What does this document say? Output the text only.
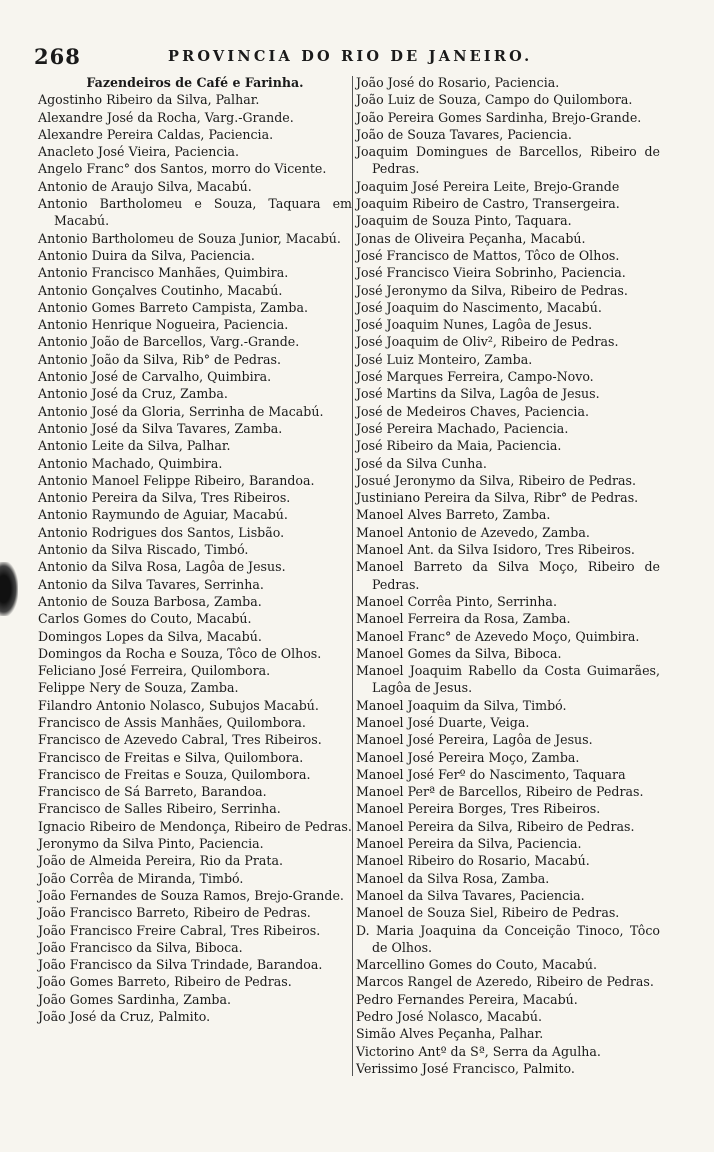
268	PROVINCIA DO RIO DE JANEIRO.
Fazendeiros de Café e Farinha.
Agostinho Ribeiro da Silva, Palhar.
Alexandre José da Rocha, Varg.-Grande.
Alexandre Pereira Caldas, Paciencia.
Anacleto José Vieira, Paciencia.
Angelo Franc° dos Santos, morro do Vicente.
Antonio de Araujo Silva, Macabú.
Antonio Bartholomeu e Souza, Taquara em Macabú.
Antonio Bartholomeu de Souza Junior, Macabú.
Antonio Duira da Silva, Paciencia.
Antonio Francisco Manhães, Quimbira.
Antonio Gonçalves Coutinho, Macabú.
Antonio Gomes Barreto Campista, Zamba.
Antonio Henrique Nogueira, Paciencia.
Antonio João de Barcellos, Varg.-Grande.
Antonio João da Silva, Rib° de Pedras.
Antonio José de Carvalho, Quimbira.
Antonio José da Cruz, Zamba.
Antonio José da Gloria, Serrinha de Macabú.
Antonio José da Silva Tavares, Zamba.
Antonio Leite da Silva, Palhar.
Antonio Machado, Quimbira.
Antonio Manoel Felippe Ribeiro, Barandoa.
Antonio Pereira da Silva, Tres Ribeiros.
Antonio Raymundo de Aguiar, Macabú.
Antonio Rodrigues dos Santos, Lisbão.
Antonio da Silva Riscado, Timbó.
Antonio da Silva Rosa, Lagôa de Jesus.
Antonio da Silva Tavares, Serrinha.
Antonio de Souza Barbosa, Zamba.
Carlos Gomes do Couto, Macabú.
Domingos Lopes da Silva, Macabú.
Domingos da Rocha e Souza, Tôco de Olhos.
Feliciano José Ferreira, Quilombora.
Felippe Nery de Souza, Zamba.
Filandro Antonio Nolasco, Subujos Macabú.
Francisco de Assis Manhães, Quilombora.
Francisco de Azevedo Cabral, Tres Ribeiros.
Francisco de Freitas e Silva, Quilombora.
Francisco de Freitas e Souza, Quilombora.
Francisco de Sá Barreto, Barandoa.
Francisco de Salles Ribeiro, Serrinha.
Ignacio Ribeiro de Mendonça, Ribeiro de Pedras.
Jeronymo da Silva Pinto, Paciencia.
João de Almeida Pereira, Rio da Prata.
João Corrêa de Miranda, Timbó.
João Fernandes de Souza Ramos, Brejo-Grande.
João Francisco Barreto, Ribeiro de Pedras.
João Francisco Freire Cabral, Tres Ribeiros.
João Francisco da Silva, Biboca.
João Francisco da Silva Trindade, Barandoa.
João Gomes Barreto, Ribeiro de Pedras.
João Gomes Sardinha, Zamba.
João José da Cruz, Palmito.
João José do Rosario, Paciencia.
João Luiz de Souza, Campo do Quilombora.
João Pereira Gomes Sardinha, Brejo-Grande.
João de Souza Tavares, Paciencia.
Joaquim Domingues de Barcellos, Ribeiro de Pedras.
Joaquim José Pereira Leite, Brejo-Grande
Joaquim Ribeiro de Castro, Transergeira.
Joaquim de Souza Pinto, Taquara.
Jonas de Oliveira Peçanha, Macabú.
José Francisco de Mattos, Tôco de Olhos.
José Francisco Vieira Sobrinho, Paciencia.
José Jeronymo da Silva, Ribeiro de Pedras.
José Joaquim do Nascimento, Macabú.
José Joaquim Nunes, Lagôa de Jesus.
José Joaquim de Oliv², Ribeiro de Pedras.
José Luiz Monteiro, Zamba.
José Marques Ferreira, Campo-Novo.
José Martins da Silva, Lagôa de Jesus.
José de Medeiros Chaves, Paciencia.
José Pereira Machado, Paciencia.
José Ribeiro da Maia, Paciencia.
José da Silva Cunha.
Josué Jeronymo da Silva, Ribeiro de Pedras.
Justiniano Pereira da Silva, Ribr° de Pedras.
Manoel Alves Barreto, Zamba.
Manoel Antonio de Azevedo, Zamba.
Manoel Ant. da Silva Isidoro, Tres Ribeiros.
Manoel Barreto da Silva Moço, Ribeiro de Pedras.
Manoel Corrêa Pinto, Serrinha.
Manoel Ferreira da Rosa, Zamba.
Manoel Franc° de Azevedo Moço, Quimbira.
Manoel Gomes da Silva, Biboca.
Manoel Joaquim Rabello da Costa Guimarães, Lagôa de Jesus.
Manoel Joaquim da Silva, Timbó.
Manoel José Duarte, Veiga.
Manoel José Pereira, Lagôa de Jesus.
Manoel José Pereira Moço, Zamba.
Manoel José Ferº do Nascimento, Taquara
Manoel Perª de Barcellos, Ribeiro de Pedras.
Manoel Pereira Borges, Tres Ribeiros.
Manoel Pereira da Silva, Ribeiro de Pedras.
Manoel Pereira da Silva, Paciencia.
Manoel Ribeiro do Rosario, Macabú.
Manoel da Silva Rosa, Zamba.
Manoel da Silva Tavares, Paciencia.
Manoel de Souza Siel, Ribeiro de Pedras.
D. Maria Joaquina da Conceição Tinoco, Tôco de Olhos.
Marcellino Gomes do Couto, Macabú.
Marcos Rangel de Azeredo, Ribeiro de Pedras.
Pedro Fernandes Pereira, Macabú.
Pedro José Nolasco, Macabú.
Simão Alves Peçanha, Palhar.
Victorino Antº da Sª, Serra da Agulha.
Verissimo José Francisco, Palmito.
